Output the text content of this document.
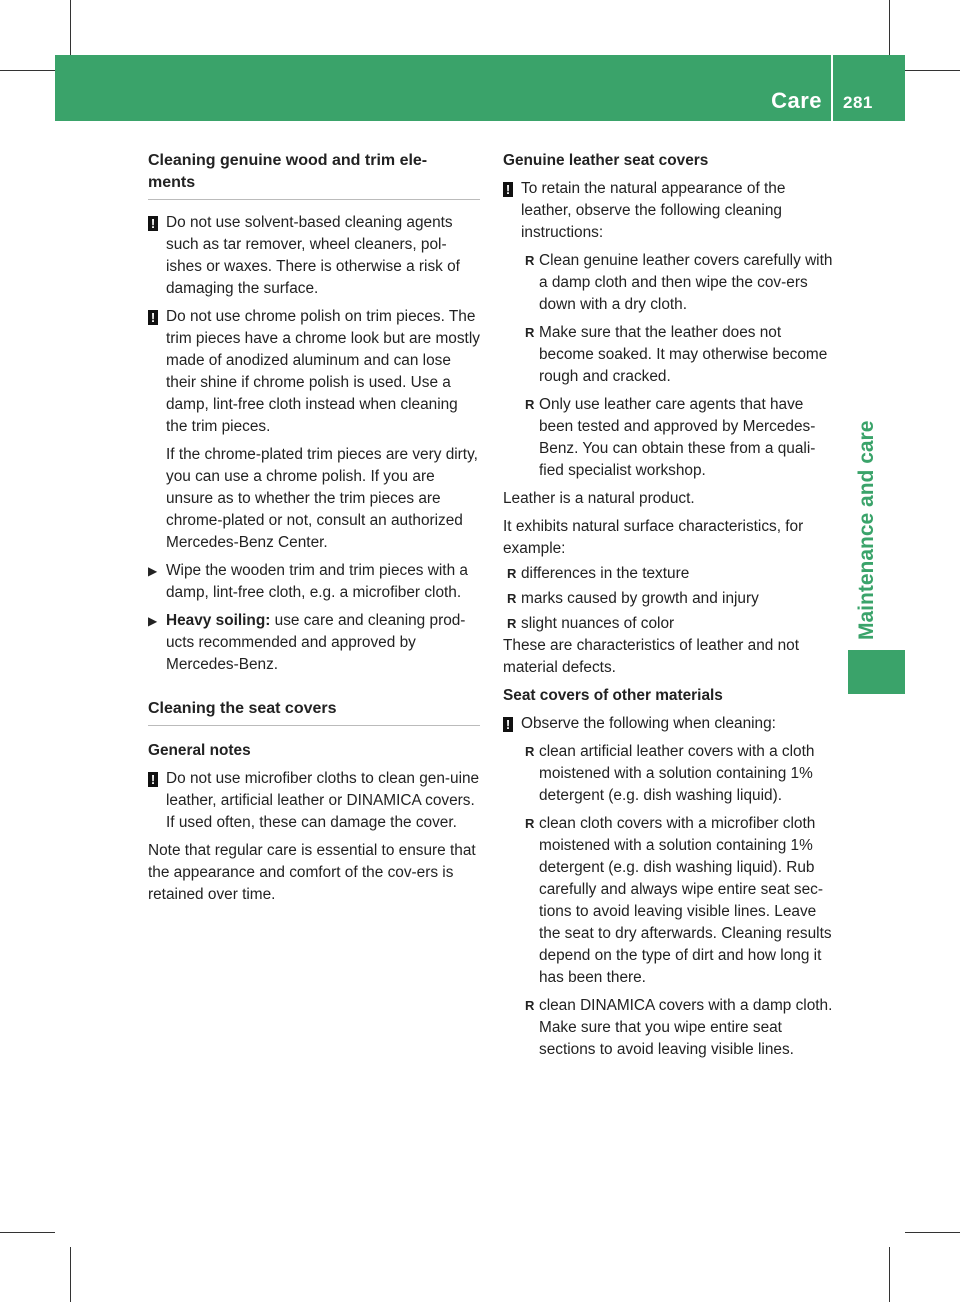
Care 281
Maintenance and care
Cleaning genuine wood and trim ele-
ments
! Do not use solvent-based cleaning agents such as tar remover, wheel cleaners, pol-ishes or waxes. There is otherwise a risk of damaging the surface.

! Do not use chrome polish on trim pieces. The trim pieces have a chrome look but are mostly made of anodized aluminum and can lose their shine if chrome polish is used. Use a damp, lint-free cloth instead when cleaning the trim pieces.

If the chrome-plated trim pieces are very dirty, you can use a chrome polish. If you are unsure as to whether the trim pieces are chrome-plated or not, consult an authorized Mercedes-Benz Center.

▶ Wipe the wooden trim and trim pieces with a damp, lint-free cloth, e.g. a microfiber cloth.

▶ Heavy soiling: use care and cleaning prod-ucts recommended and approved by Mercedes-Benz.

Cleaning the seat covers
General notes
! Do not use microfiber cloths to clean gen-uine leather, artificial leather or DINAMICA covers. If used often, these can damage the cover.

Note that regular care is essential to ensure that the appearance and comfort of the cov-ers is retained over time.

Genuine leather seat covers
! To retain the natural appearance of the leather, observe the following cleaning instructions:

R Clean genuine leather covers carefully with a damp cloth and then wipe the cov-ers down with a dry cloth.

R Make sure that the leather does not become soaked. It may otherwise become rough and cracked.

R Only use leather care agents that have been tested and approved by Mercedes-Benz. You can obtain these from a quali-fied specialist workshop.

Leather is a natural product.

It exhibits natural surface characteristics, for example:

R differences in the texture

R marks caused by growth and injury

R slight nuances of color

These are characteristics of leather and not material defects.

Seat covers of other materials
! Observe the following when cleaning:

R clean artificial leather covers with a cloth moistened with a solution containing 1% detergent (e.g. dish washing liquid).

R clean cloth covers with a microfiber cloth moistened with a solution containing 1% detergent (e.g. dish washing liquid). Rub carefully and always wipe entire seat sec-tions to avoid leaving visible lines. Leave the seat to dry afterwards. Cleaning results depend on the type of dirt and how long it has been there.

R clean DINAMICA covers with a damp cloth. Make sure that you wipe entire seat sections to avoid leaving visible lines.
